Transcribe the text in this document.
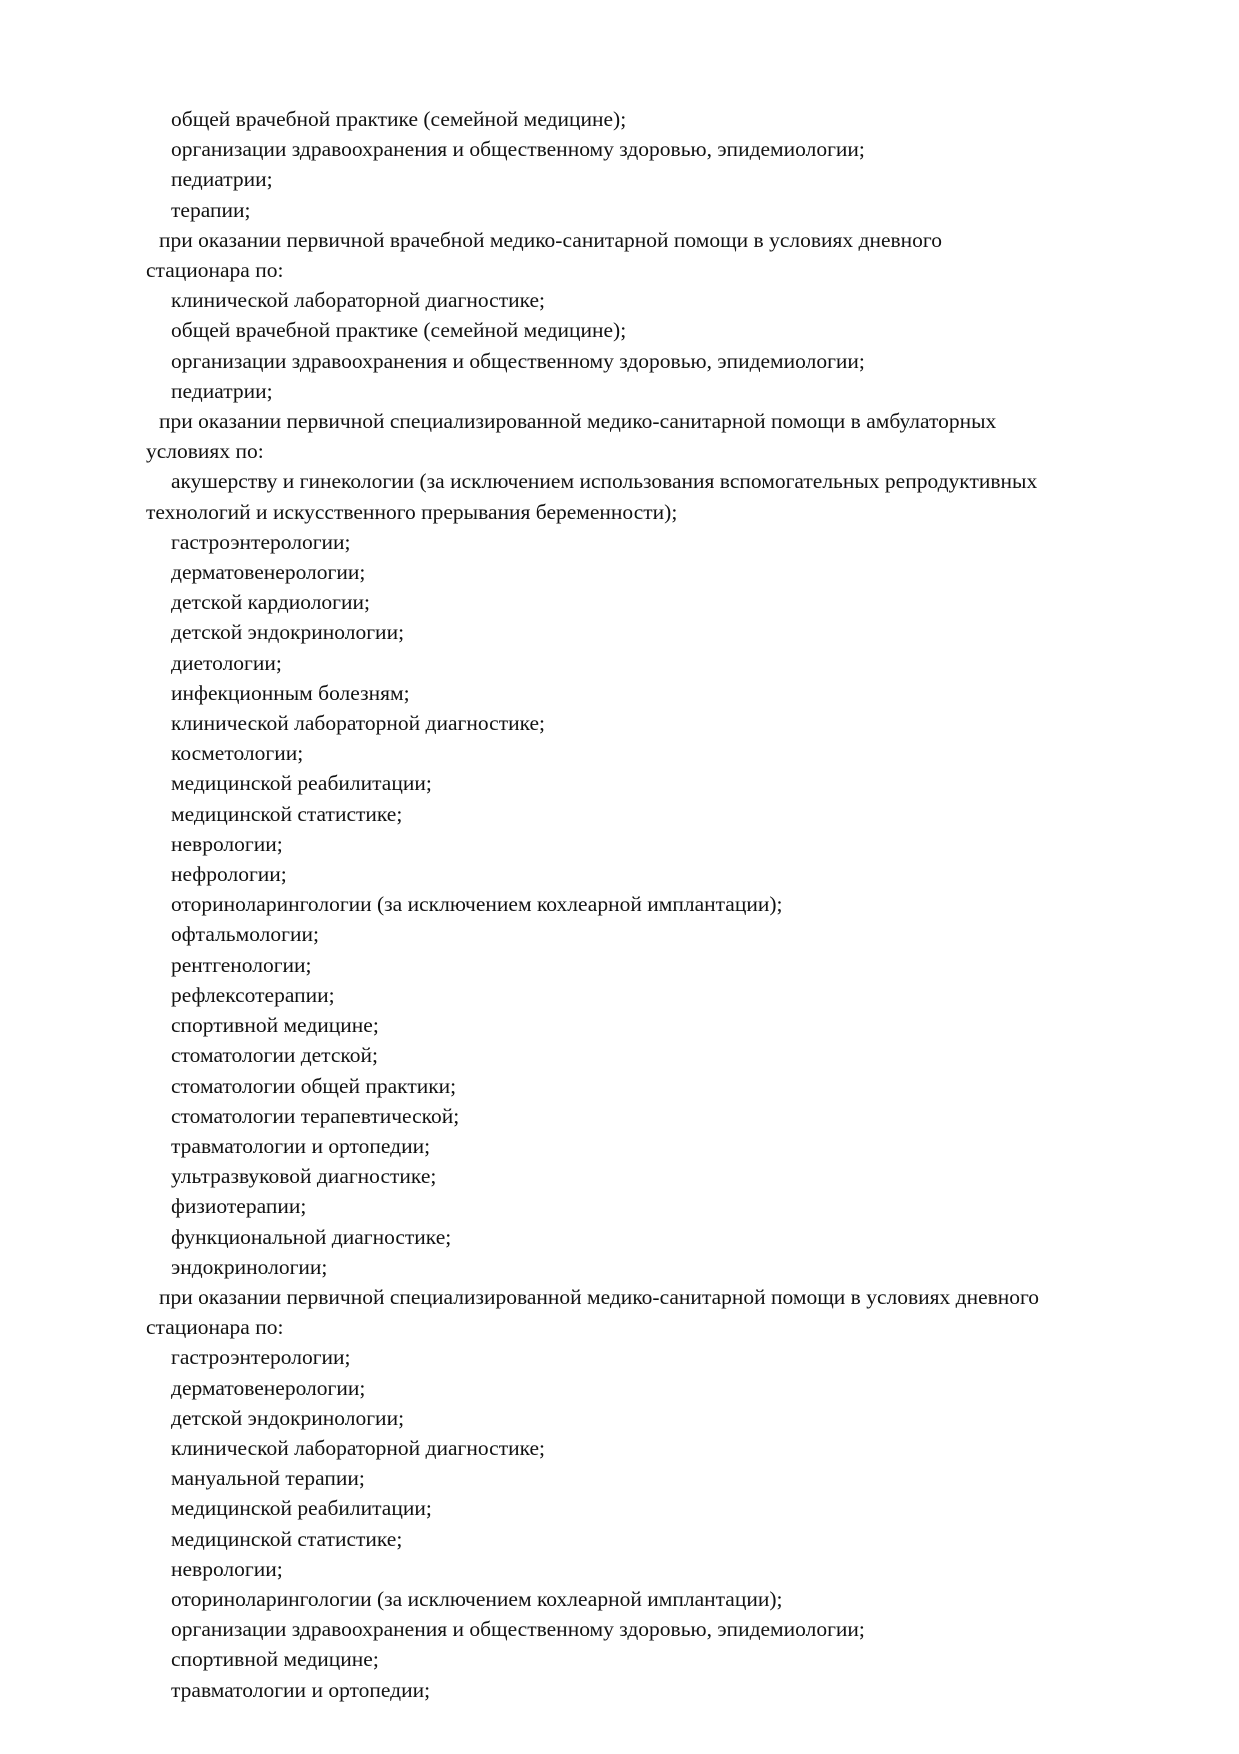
общей врачебной практике (семейной медицине);

организации здравоохранения и общественному здоровью, эпидемиологии;

педиатрии;

терапии;

при оказании первичной врачебной медико-санитарной помощи в условиях дневного

стационара по:

клинической лабораторной диагностике;

общей врачебной практике (семейной медицине);

организации здравоохранения и общественному здоровью, эпидемиологии;

педиатрии;

при оказании первичной специализированной медико-санитарной помощи в амбулаторных

условиях по:

акушерству и гинекологии (за исключением использования вспомогательных репродуктивных

технологий и искусственного прерывания беременности);

гастроэнтерологии;

дерматовенерологии;

детской кардиологии;

детской эндокринологии;

диетологии;

инфекционным болезням;

клинической лабораторной диагностике;

косметологии;

медицинской реабилитации;

медицинской статистике;

неврологии;

нефрологии;

оториноларингологии (за исключением кохлеарной имплантации);

офтальмологии;

рентгенологии;

рефлексотерапии;

спортивной медицине;

стоматологии детской;

стоматологии общей практики;

стоматологии терапевтической;

травматологии и ортопедии;

ультразвуковой диагностике;

физиотерапии;

функциональной диагностике;

эндокринологии;

при оказании первичной специализированной медико-санитарной помощи в условиях дневного

стационара по:

гастроэнтерологии;

дерматовенерологии;

детской эндокринологии;

клинической лабораторной диагностике;

мануальной терапии;

медицинской реабилитации;

медицинской статистике;

неврологии;

оториноларингологии (за исключением кохлеарной имплантации);

организации здравоохранения и общественному здоровью, эпидемиологии;

спортивной медицине;

травматологии и ортопедии;
